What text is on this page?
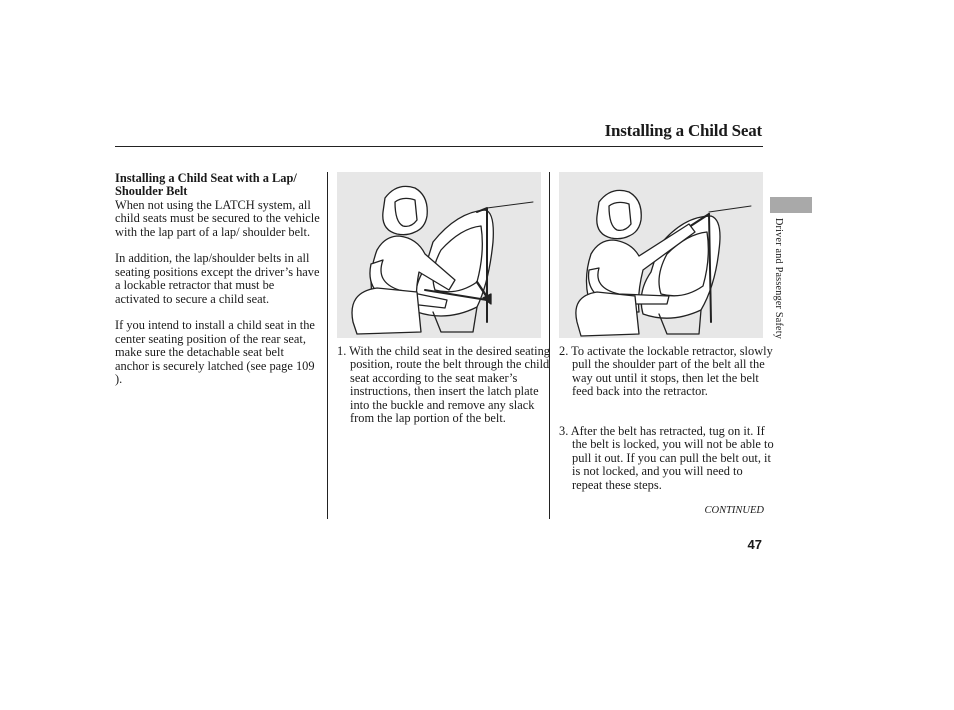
Installing a Child Seat

Installing a Child Seat with a Lap/ Shoulder Belt

When not using the LATCH system, all child seats must be secured to the vehicle with the lap part of a lap/ shoulder belt.

In addition, the lap/shoulder belts in all seating positions except the driver’s have a lockable retractor that must be activated to secure a child seat.

If you intend to install a child seat in the center seating position of the rear seat, make sure the detachable seat belt anchor is securely latched (see page 109 ).

1. With the child seat in the desired seating position, route the belt through the child seat according to the seat maker’s instructions, then insert the latch plate into the buckle and remove any slack from the lap portion of the belt.
2. To activate the lockable retractor, slowly pull the shoulder part of the belt all the way out until it stops, then let the belt feed back into the retractor.
3. After the belt has retracted, tug on it. If the belt is locked, you will not be able to pull it out. If you can pull the belt out, it is not locked, and you will need to repeat these steps.
CONTINUED
47
Driver and Passenger Safety
